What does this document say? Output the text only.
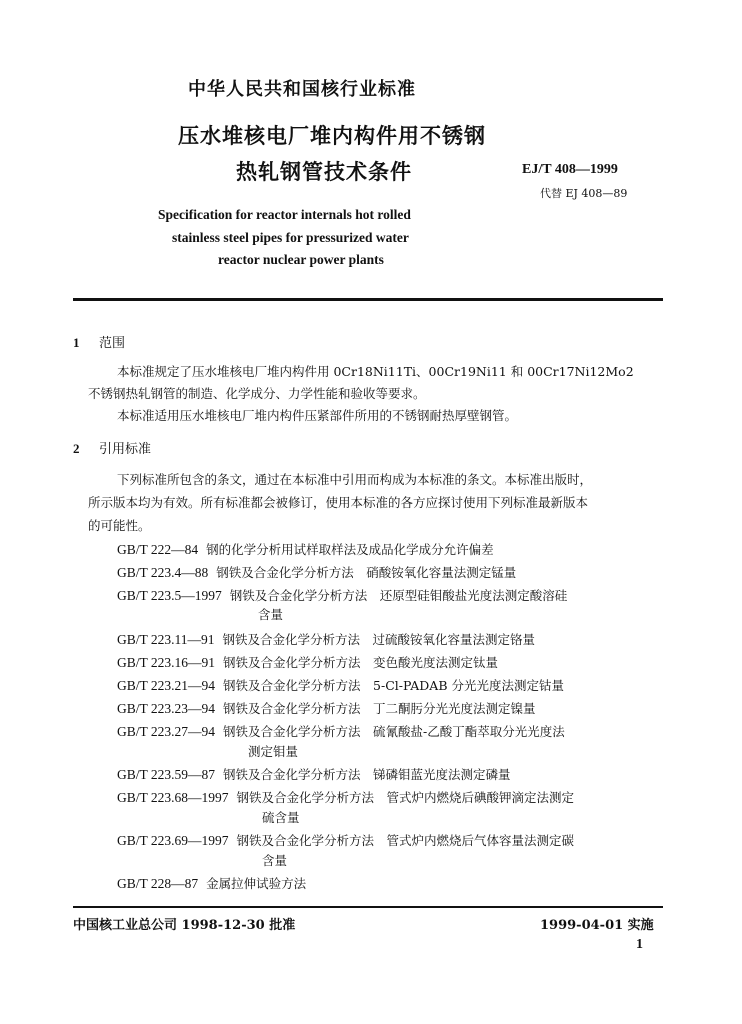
中华人民共和国核行业标准
压水堆核电厂堆内构件用不锈钢
热轧钢管技术条件	EJ/T 408—1999
代替 EJ 408—89
Specification for reactor internals hot rolled
stainless steel pipes for pressurized water
reactor nuclear power plants
1 范围
本标准规定了压水堆核电厂堆内构件用 0Cr18Ni11Ti、00Cr19Ni11 和 00Cr17Ni12Mo2
不锈钢热轧钢管的制造、化学成分、力学性能和验收等要求。
本标准适用压水堆核电厂堆内构件压紧部件所用的不锈钢耐热厚壁钢管。
2 引用标准
下列标准所包含的条文，通过在本标准中引用而构成为本标准的条文。本标准出版时，
所示版本均为有效。所有标准都会被修订，使用本标准的各方应探讨使用下列标准最新版本
的可能性。
GB/T 222—84 钢的化学分析用试样取样法及成品化学成分允许偏差
GB/T 223.4—88 钢铁及合金化学分析方法　硝酸铵氧化容量法测定锰量
GB/T 223.5—1997 钢铁及合金化学分析方法　还原型硅钼酸盐光度法测定酸溶硅
含量
GB/T 223.11—91 钢铁及合金化学分析方法　过硫酸铵氧化容量法测定铬量
GB/T 223.16—91 钢铁及合金化学分析方法　变色酸光度法测定钛量
GB/T 223.21—94 钢铁及合金化学分析方法　5-Cl-PADAB 分光光度法测定钴量
GB/T 223.23—94 钢铁及合金化学分析方法　丁二酮肟分光光度法测定镍量
GB/T 223.27—94 钢铁及合金化学分析方法　硫氰酸盐-乙酸丁酯萃取分光光度法
测定钼量
GB/T 223.59—87 钢铁及合金化学分析方法　锑磷钼蓝光度法测定磷量
GB/T 223.68—1997 钢铁及合金化学分析方法　管式炉内燃烧后碘酸钾滴定法测定
硫含量
GB/T 223.69—1997 钢铁及合金化学分析方法　管式炉内燃烧后气体容量法测定碳
含量
GB/T 228—87 金属拉伸试验方法
中国核工业总公司 1998-12-30 批准	1999-04-01 实施
1
